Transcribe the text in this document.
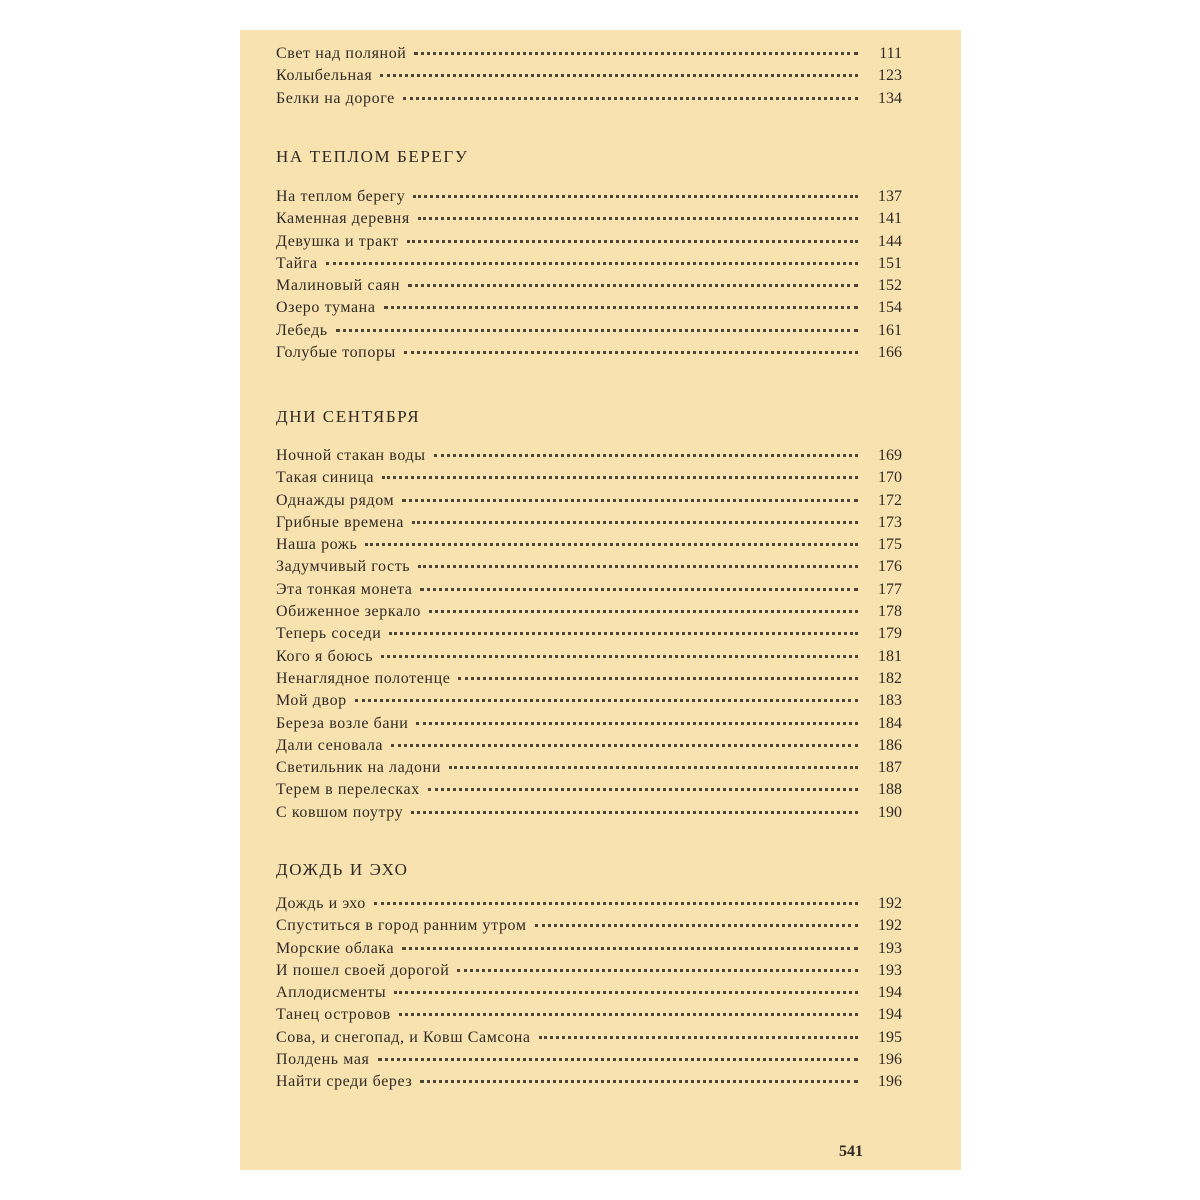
Свет над поляной	111
Колыбельная	123
Белки на дороге	134
НА ТЕПЛОМ БЕРЕГУ
На теплом берегу	137
Каменная деревня	141
Девушка и тракт	144
Тайга	151
Малиновый саян	152
Озеро тумана	154
Лебедь	161
Голубые топоры	166
ДНИ СЕНТЯБРЯ
Ночной стакан воды	169
Такая синица	170
Однажды рядом	172
Грибные времена	173
Наша рожь	175
Задумчивый гость	176
Эта тонкая монета	177
Обиженное зеркало	178
Теперь соседи	179
Кого я боюсь	181
Ненаглядное полотенце	182
Мой двор	183
Береза возле бани	184
Дали сеновала	186
Светильник на ладони	187
Терем в перелесках	188
С ковшом поутру	190
ДОЖДЬ И ЭХО
Дождь и эхо	192
Спуститься в город ранним утром	192
Морские облака	193
И пошел своей дорогой	193
Аплодисменты	194
Танец островов	194
Сова, и снегопад, и Ковш Самсона	195
Полдень мая	196
Найти среди берез	196
541
